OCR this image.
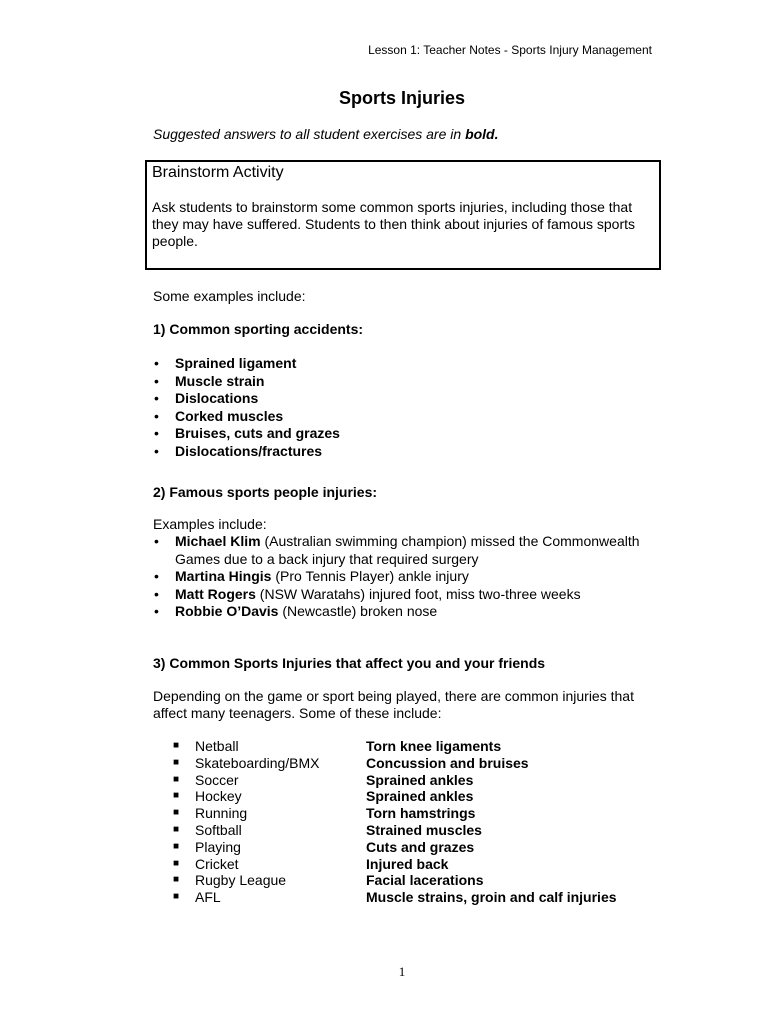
Lesson 1: Teacher Notes - Sports Injury Management
Sports Injuries
Suggested answers to all student exercises are in bold.
Brainstorm Activity
Ask students to brainstorm some common sports injuries, including those that they may have suffered. Students to then think about injuries of famous sports people.
Some examples include:
1) Common sporting accidents:
• Sprained ligament
• Muscle strain
• Dislocations
• Corked muscles
• Bruises, cuts and grazes
• Dislocations/fractures
2) Famous sports people injuries:
Examples include:
• Michael Klim (Australian swimming champion) missed the Commonwealth Games due to a back injury that required surgery
• Martina Hingis (Pro Tennis Player) ankle injury
• Matt Rogers (NSW Waratahs) injured foot, miss two-three weeks
• Robbie O’Davis (Newcastle) broken nose
3) Common Sports Injuries that affect you and your friends
Depending on the game or sport being played, there are common injuries that affect many teenagers. Some of these include:
■ Netball	Torn knee ligaments
■ Skateboarding/BMX	Concussion and bruises
■ Soccer	Sprained ankles
■ Hockey	Sprained ankles
■ Running	Torn hamstrings
■ Softball	Strained muscles
■ Playing	Cuts and grazes
■ Cricket	Injured back
■ Rugby League	Facial lacerations
■ AFL	Muscle strains, groin and calf injuries
1
